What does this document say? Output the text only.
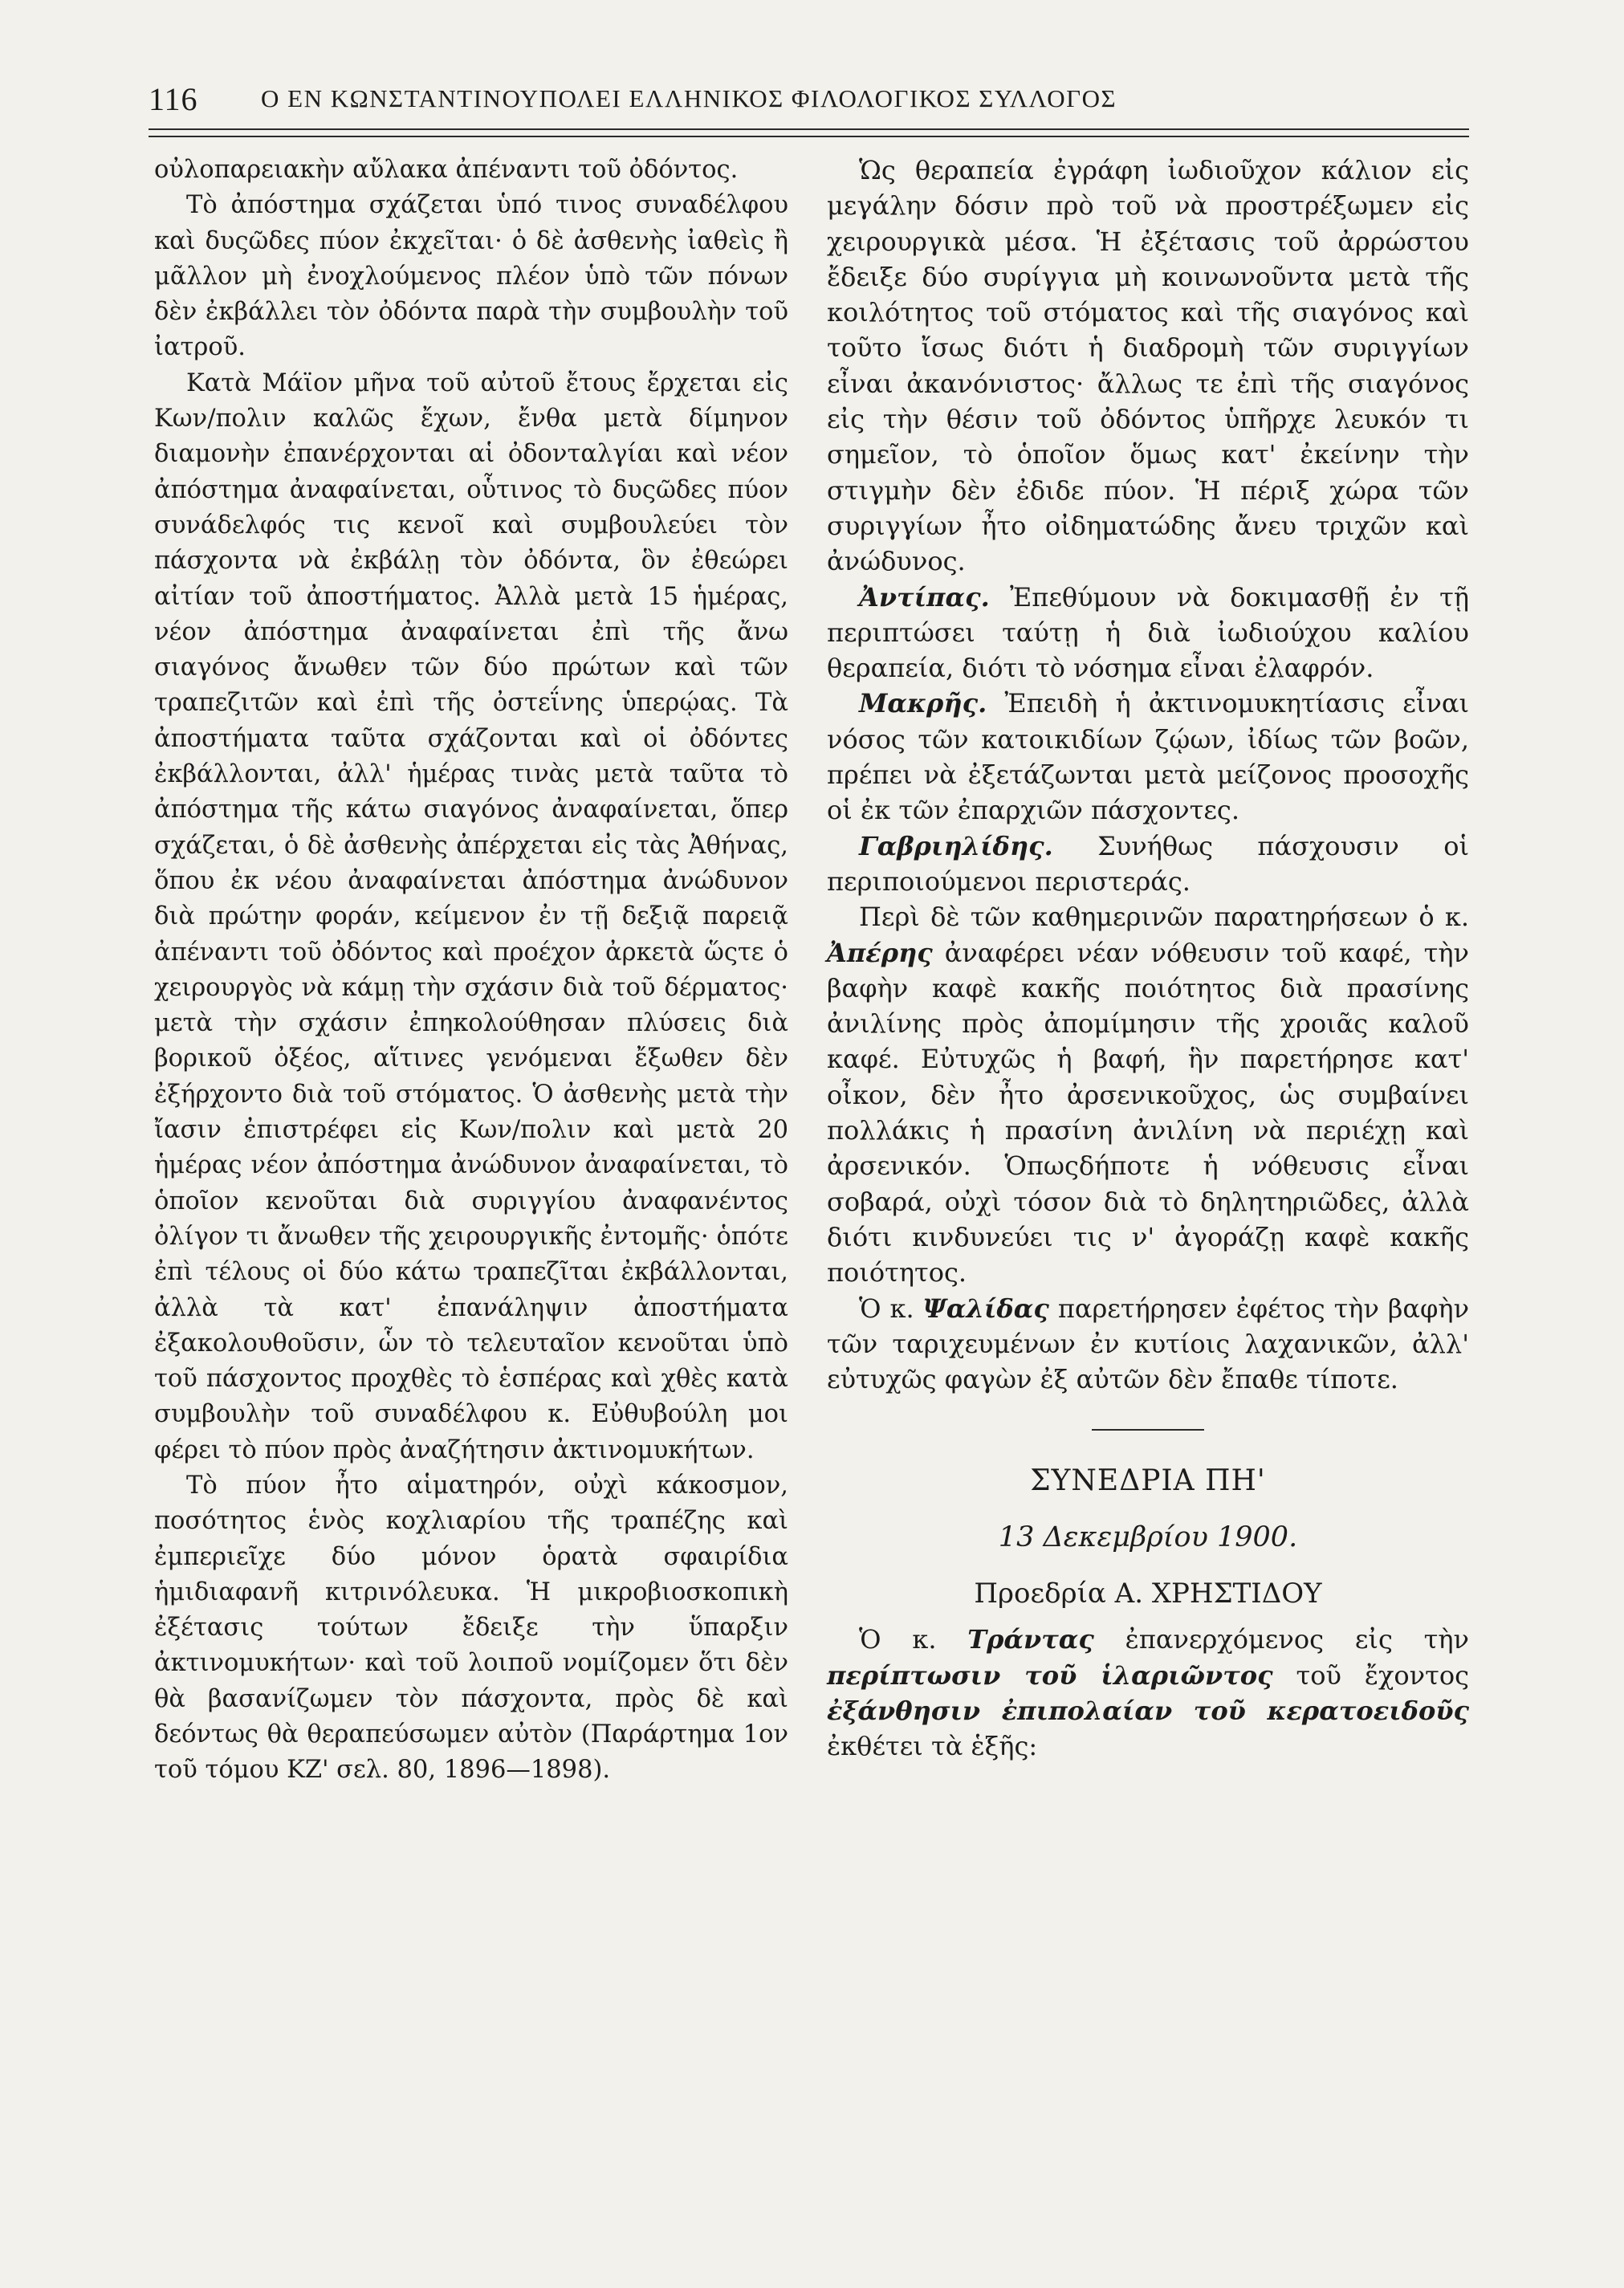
116	Ο ΕΝ ΚΩΝΣΤΑΝΤΙΝΟΥΠΟΛΕΙ ΕΛΛΗΝΙΚΟΣ ΦΙΛΟΛΟΓΙΚΟΣ ΣΥΛΛΟΓΟΣ

οὐλοπαρειακὴν αὔλακα ἀπέναντι τοῦ ὀδόντος.

Τὸ ἀπόστημα σχάζεται ὑπό τινος συναδέλφου καὶ δυςῶδες πύον ἐκχεῖται· ὁ δὲ ἀσθενὴς ἰαθεὶς ἢ μᾶλλον μὴ ἐνοχλούμενος πλέον ὑπὸ τῶν πόνων δὲν ἐκβάλλει τὸν ὀδόντα παρὰ τὴν συμβουλὴν τοῦ ἰατροῦ.

Κατὰ Μάϊον μῆνα τοῦ αὐτοῦ ἔτους ἔρχεται εἰς Κων/πολιν καλῶς ἔχων, ἔνθα μετὰ δίμηνον διαμονὴν ἐπανέρχονται αἱ ὀδονταλγίαι καὶ νέον ἀπόστημα ἀναφαίνεται, οὗτινος τὸ δυςῶδες πύον συνάδελφός τις κενοῖ καὶ συμβουλεύει τὸν πάσχοντα νὰ ἐκβάλῃ τὸν ὀδόντα, ὃν ἐθεώρει αἰτίαν τοῦ ἀποστήματος. Ἀλλὰ μετὰ 15 ἡμέρας, νέον ἀπόστημα ἀναφαίνεται ἐπὶ τῆς ἄνω σιαγόνος ἄνωθεν τῶν δύο πρώτων καὶ τῶν τραπεζιτῶν καὶ ἐπὶ τῆς ὀστεΐνης ὑπερῴας. Τὰ ἀποστήματα ταῦτα σχάζονται καὶ οἱ ὀδόντες ἐκβάλλονται, ἀλλ' ἡμέρας τινὰς μετὰ ταῦτα τὸ ἀπόστημα τῆς κάτω σιαγόνος ἀναφαίνεται, ὅπερ σχάζεται, ὁ δὲ ἀσθενὴς ἀπέρχεται εἰς τὰς Ἀθήνας, ὅπου ἐκ νέου ἀναφαίνεται ἀπόστημα ἀνώδυνον διὰ πρώτην φοράν, κείμενον ἐν τῇ δεξιᾷ παρειᾷ ἀπέναντι τοῦ ὀδόντος καὶ προέχον ἀρκετὰ ὥςτε ὁ χειρουργὸς νὰ κάμῃ τὴν σχάσιν διὰ τοῦ δέρματος· μετὰ τὴν σχάσιν ἐπηκολούθησαν πλύσεις διὰ βορικοῦ ὀξέος, αἵτινες γενόμεναι ἔξωθεν δὲν ἐξήρχοντο διὰ τοῦ στόματος. Ὁ ἀσθενὴς μετὰ τὴν ἴασιν ἐπιστρέφει εἰς Κων/πολιν καὶ μετὰ 20 ἡμέρας νέον ἀπόστημα ἀνώδυνον ἀναφαίνεται, τὸ ὁποῖον κενοῦται διὰ συριγγίου ἀναφανέντος ὀλίγον τι ἄνωθεν τῆς χειρουργικῆς ἐντομῆς· ὁπότε ἐπὶ τέλους οἱ δύο κάτω τραπεζῖται ἐκβάλλονται, ἀλλὰ τὰ κατ' ἐπανάληψιν ἀποστήματα ἐξακολουθοῦσιν, ὧν τὸ τελευταῖον κενοῦται ὑπὸ τοῦ πάσχοντος προχθὲς τὸ ἑσπέρας καὶ χθὲς κατὰ συμβουλὴν τοῦ συναδέλφου κ. Εὐθυβούλη μοι φέρει τὸ πύον πρὸς ἀναζήτησιν ἀκτινομυκήτων.

Τὸ πύον ἦτο αἱματηρόν, οὐχὶ κάκοσμον, ποσότητος ἑνὸς κοχλιαρίου τῆς τραπέζης καὶ ἐμπεριεῖχε δύο μόνον ὁρατὰ σφαιρίδια ἡμιδιαφανῆ κιτρινόλευκα. Ἡ μικροβιοσκοπικὴ ἐξέτασις τούτων ἔδειξε τὴν ὕπαρξιν ἀκτινομυκήτων· καὶ τοῦ λοιποῦ νομίζομεν ὅτι δὲν θὰ βασανίζωμεν τὸν πάσχοντα, πρὸς δὲ καὶ δεόντως θὰ θεραπεύσωμεν αὐτὸν (Παράρτημα 1ον τοῦ τόμου ΚΖ' σελ. 80, 1896—1898).

Ὡς θεραπεία ἐγράφη ἰωδιοῦχον κάλιον εἰς μεγάλην δόσιν πρὸ τοῦ νὰ προστρέξωμεν εἰς χειρουργικὰ μέσα. Ἡ ἐξέτασις τοῦ ἀρρώστου ἔδειξε δύο συρίγγια μὴ κοινωνοῦντα μετὰ τῆς κοιλότητος τοῦ στόματος καὶ τῆς σιαγόνος καὶ τοῦτο ἴσως διότι ἡ διαδρομὴ τῶν συριγγίων εἶναι ἀκανόνιστος· ἄλλως τε ἐπὶ τῆς σιαγόνος εἰς τὴν θέσιν τοῦ ὀδόντος ὑπῆρχε λευκόν τι σημεῖον, τὸ ὁποῖον ὅμως κατ' ἐκείνην τὴν στιγμὴν δὲν ἐδιδε πύον. Ἡ πέριξ χώρα τῶν συριγγίων ἦτο οἰδηματώδης ἄνευ τριχῶν καὶ ἀνώδυνος.

Ἀντίπας. Ἐπεθύμουν νὰ δοκιμασθῇ ἐν τῇ περιπτώσει ταύτῃ ἡ διὰ ἰωδιούχου καλίου θεραπεία, διότι τὸ νόσημα εἶναι ἐλαφρόν.

Μακρῆς. Ἐπειδὴ ἡ ἀκτινομυκητίασις εἶναι νόσος τῶν κατοικιδίων ζῴων, ἰδίως τῶν βοῶν, πρέπει νὰ ἐξετάζωνται μετὰ μείζονος προσοχῆς οἱ ἐκ τῶν ἐπαρχιῶν πάσχοντες.

Γαβριηλίδης. Συνήθως πάσχουσιν οἱ περιποιούμενοι περιστεράς.

Περὶ δὲ τῶν καθημερινῶν παρατηρήσεων ὁ κ. Ἀπέρης ἀναφέρει νέαν νόθευσιν τοῦ καφέ, τὴν βαφὴν καφὲ κακῆς ποιότητος διὰ πρασίνης ἀνιλίνης πρὸς ἀπομίμησιν τῆς χροιᾶς καλοῦ καφέ. Εὐτυχῶς ἡ βαφή, ἣν παρετήρησε κατ' οἶκον, δὲν ἦτο ἀρσενικοῦχος, ὡς συμβαίνει πολλάκις ἡ πρασίνη ἀνιλίνη νὰ περιέχῃ καὶ ἀρσενικόν. Ὁπωςδήποτε ἡ νόθευσις εἶναι σοβαρά, οὐχὶ τόσον διὰ τὸ δηλητηριῶδες, ἀλλὰ διότι κινδυνεύει τις ν' ἀγοράζῃ καφὲ κακῆς ποιότητος.

Ὁ κ. Ψαλίδας παρετήρησεν ἐφέτος τὴν βαφὴν τῶν ταριχευμένων ἐν κυτίοις λαχανικῶν, ἀλλ' εὐτυχῶς φαγὼν ἐξ αὐτῶν δὲν ἔπαθε τίποτε.

ΣΥΝΕΔΡΙΑ ΠΗ'

13 Δεκεμβρίου 1900.

Προεδρία Α. ΧΡΗΣΤΙΔΟΥ

Ὁ κ. Τράντας ἐπανερχόμενος εἰς τὴν περίπτωσιν τοῦ ἱλαριῶντος τοῦ ἔχοντος ἐξάνθησιν ἐπιπολαίαν τοῦ κερατοειδοῦς ἐκθέτει τὰ ἑξῆς:
